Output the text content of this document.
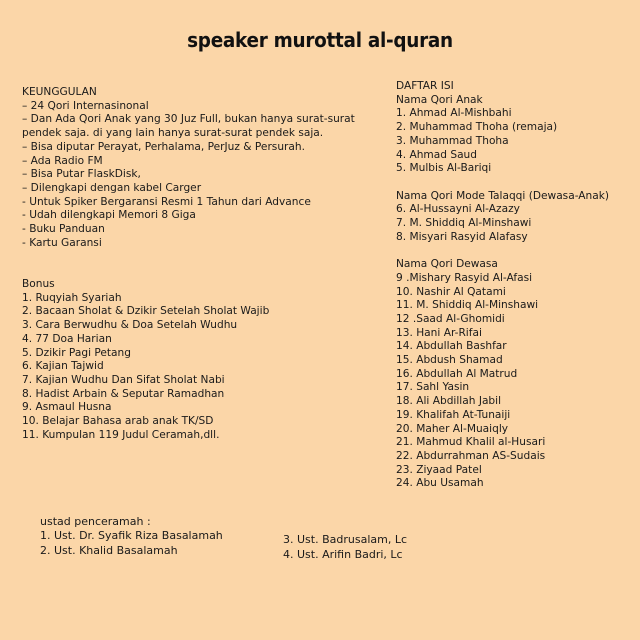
speaker murottal al-quran
KEUNGGULAN
– 24 Qori Internasinonal
– Dan Ada Qori Anak yang 30 Juz Full, bukan hanya surat-surat
pendek saja. di yang lain hanya surat-surat pendek saja.
– Bisa diputar Perayat, Perhalama, PerJuz & Persurah.
– Ada Radio FM
– Bisa Putar FlaskDisk,
– Dilengkapi dengan kabel Carger
- Untuk Spiker Bergaransi Resmi 1 Tahun dari Advance
- Udah dilengkapi Memori 8 Giga
- Buku Panduan
- Kartu Garansi
Bonus
1. Ruqyiah Syariah
2. Bacaan Sholat & Dzikir Setelah Sholat Wajib
3. Cara Berwudhu & Doa Setelah Wudhu
4. 77 Doa Harian
5. Dzikir Pagi Petang
6. Kajian Tajwid
7. Kajian Wudhu Dan Sifat Sholat Nabi
8. Hadist Arbain & Seputar Ramadhan
9. Asmaul Husna
10. Belajar Bahasa arab anak TK/SD
11. Kumpulan 119 Judul Ceramah,dll.
DAFTAR ISI
Nama Qori Anak
1. Ahmad Al-Mishbahi
2. Muhammad Thoha (remaja)
3. Muhammad Thoha
4. Ahmad Saud
5. Mulbis Al-Bariqi
Nama Qori Mode Talaqqi (Dewasa-Anak)
6. Al-Hussayni Al-Azazy
7. M. Shiddiq Al-Minshawi
8. Misyari Rasyid Alafasy
Nama Qori Dewasa
9 .Mishary Rasyid Al-Afasi
10. Nashir Al Qatami
11. M. Shiddiq Al-Minshawi
12 .Saad Al-Ghomidi
13. Hani Ar-Rifai
14. Abdullah Bashfar
15. Abdush Shamad
16. Abdullah Al Matrud
17. Sahl Yasin
18. Ali Abdillah Jabil
19. Khalifah At-Tunaiji
20. Maher Al-Muaiqly
21. Mahmud Khalil al-Husari
22. Abdurrahman AS-Sudais
23. Ziyaad Patel
24. Abu Usamah
ustad penceramah :
1. Ust. Dr. Syafik Riza Basalamah
2. Ust. Khalid Basalamah
3. Ust. Badrusalam, Lc
4. Ust. Arifin Badri, Lc
